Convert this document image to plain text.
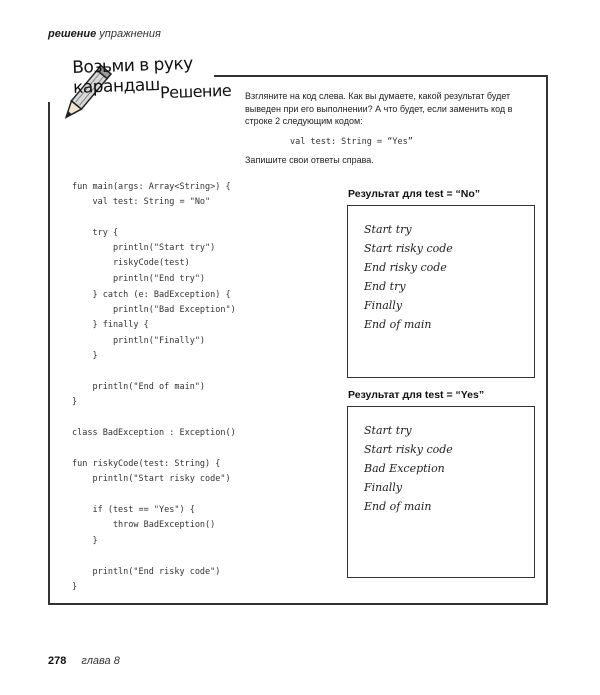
решение упражнения
Возьми в руку карандаш Решение Взгляните на код слева. Как вы думаете, какой результат будет выведен при его выполнении? А что будет, если заменить код в строке 2 следующим кодом:
val test: String = “Yes”
Запишите свои ответы справа.
fun main(args: Array<String>) {
val test: String = "No"
try {
println("Start try")
riskyCode(test)
println("End try")
} catch (e: BadException) {
println("Bad Exception")
} finally {
println("Finally")
}
println("End of main")
}
class BadException : Exception()
fun riskyCode(test: String) {
println("Start risky code")
if (test == "Yes") {
throw BadException()
}
println("End risky code")
}
Результат для test = “No”
Start try
Start risky code
End risky code
End try
Finally
End of main
Результат для test = “Yes”
Start try
Start risky code
Bad Exception
Finally
End of main
278 глава 8
